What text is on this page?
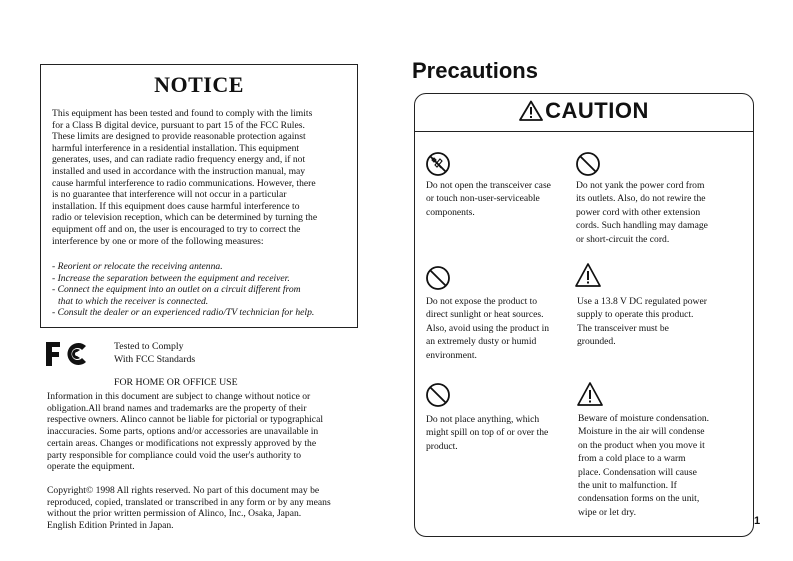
NOTICE
This equipment has been tested and found to comply with the limits
for a Class B digital device, pursuant to part 15 of the FCC Rules.
These limits are designed to provide reasonable protection against
harmful interference in a residential installation. This equipment
generates, uses, and can radiate radio frequency energy and, if not
installed and used in accordance with the instruction manual, may
cause harmful interference to radio communications. However, there
is no guarantee that interference will not occur in a particular
installation. If this equipment does cause harmful interference to
radio or television reception, which can be determined by turning the
equipment off and on, the user is encouraged to try to correct the
interference by one or more of the following measures:
- Reorient or relocate the receiving antenna.
- Increase the separation between the equipment and receiver.
- Connect the equipment into an outlet on a circuit different from
that to which the receiver is connected.
- Consult the dealer or an experienced radio/TV technician for help.
Tested to Comply
With FCC Standards
FOR HOME OR OFFICE USE
Information in this document are subject to change without notice or
obligation.All brand names and trademarks are the property of their
respective owners. Alinco cannot be liable for pictorial or typographical
inaccuracies. Some parts, options and/or accessories are unavailable in
certain areas. Changes or modifications not expressly approved by the
party responsible for compliance could void the user's authority to
operate the equipment.
Copyright© 1998 All rights reserved. No part of this document may be
reproduced, copied, translated or transcribed in any form or by any means
without the prior written permission of Alinco, Inc., Osaka, Japan.
English Edition Printed in Japan.
Precautions
CAUTION
Do not open the transceiver case
or touch non-user-serviceable
components.
Do not yank the power cord from
its outlets. Also, do not rewire the
power cord with other extension
cords. Such handling may damage
or short-circuit the cord.
Do not expose the product to
direct sunlight or heat sources.
Also, avoid using the product in
an extremely dusty or humid
environment.
Use a 13.8 V DC regulated power
supply to operate this product.
The transceiver must be
grounded.
Do not place anything, which
might spill on top of or over the
product.
Beware of moisture condensation.
Moisture in the air will condense
on the product when you move it
from a cold place to a warm
place. Condensation will cause
the unit to malfunction. If
condensation forms on the unit,
wipe or let dry.
1
